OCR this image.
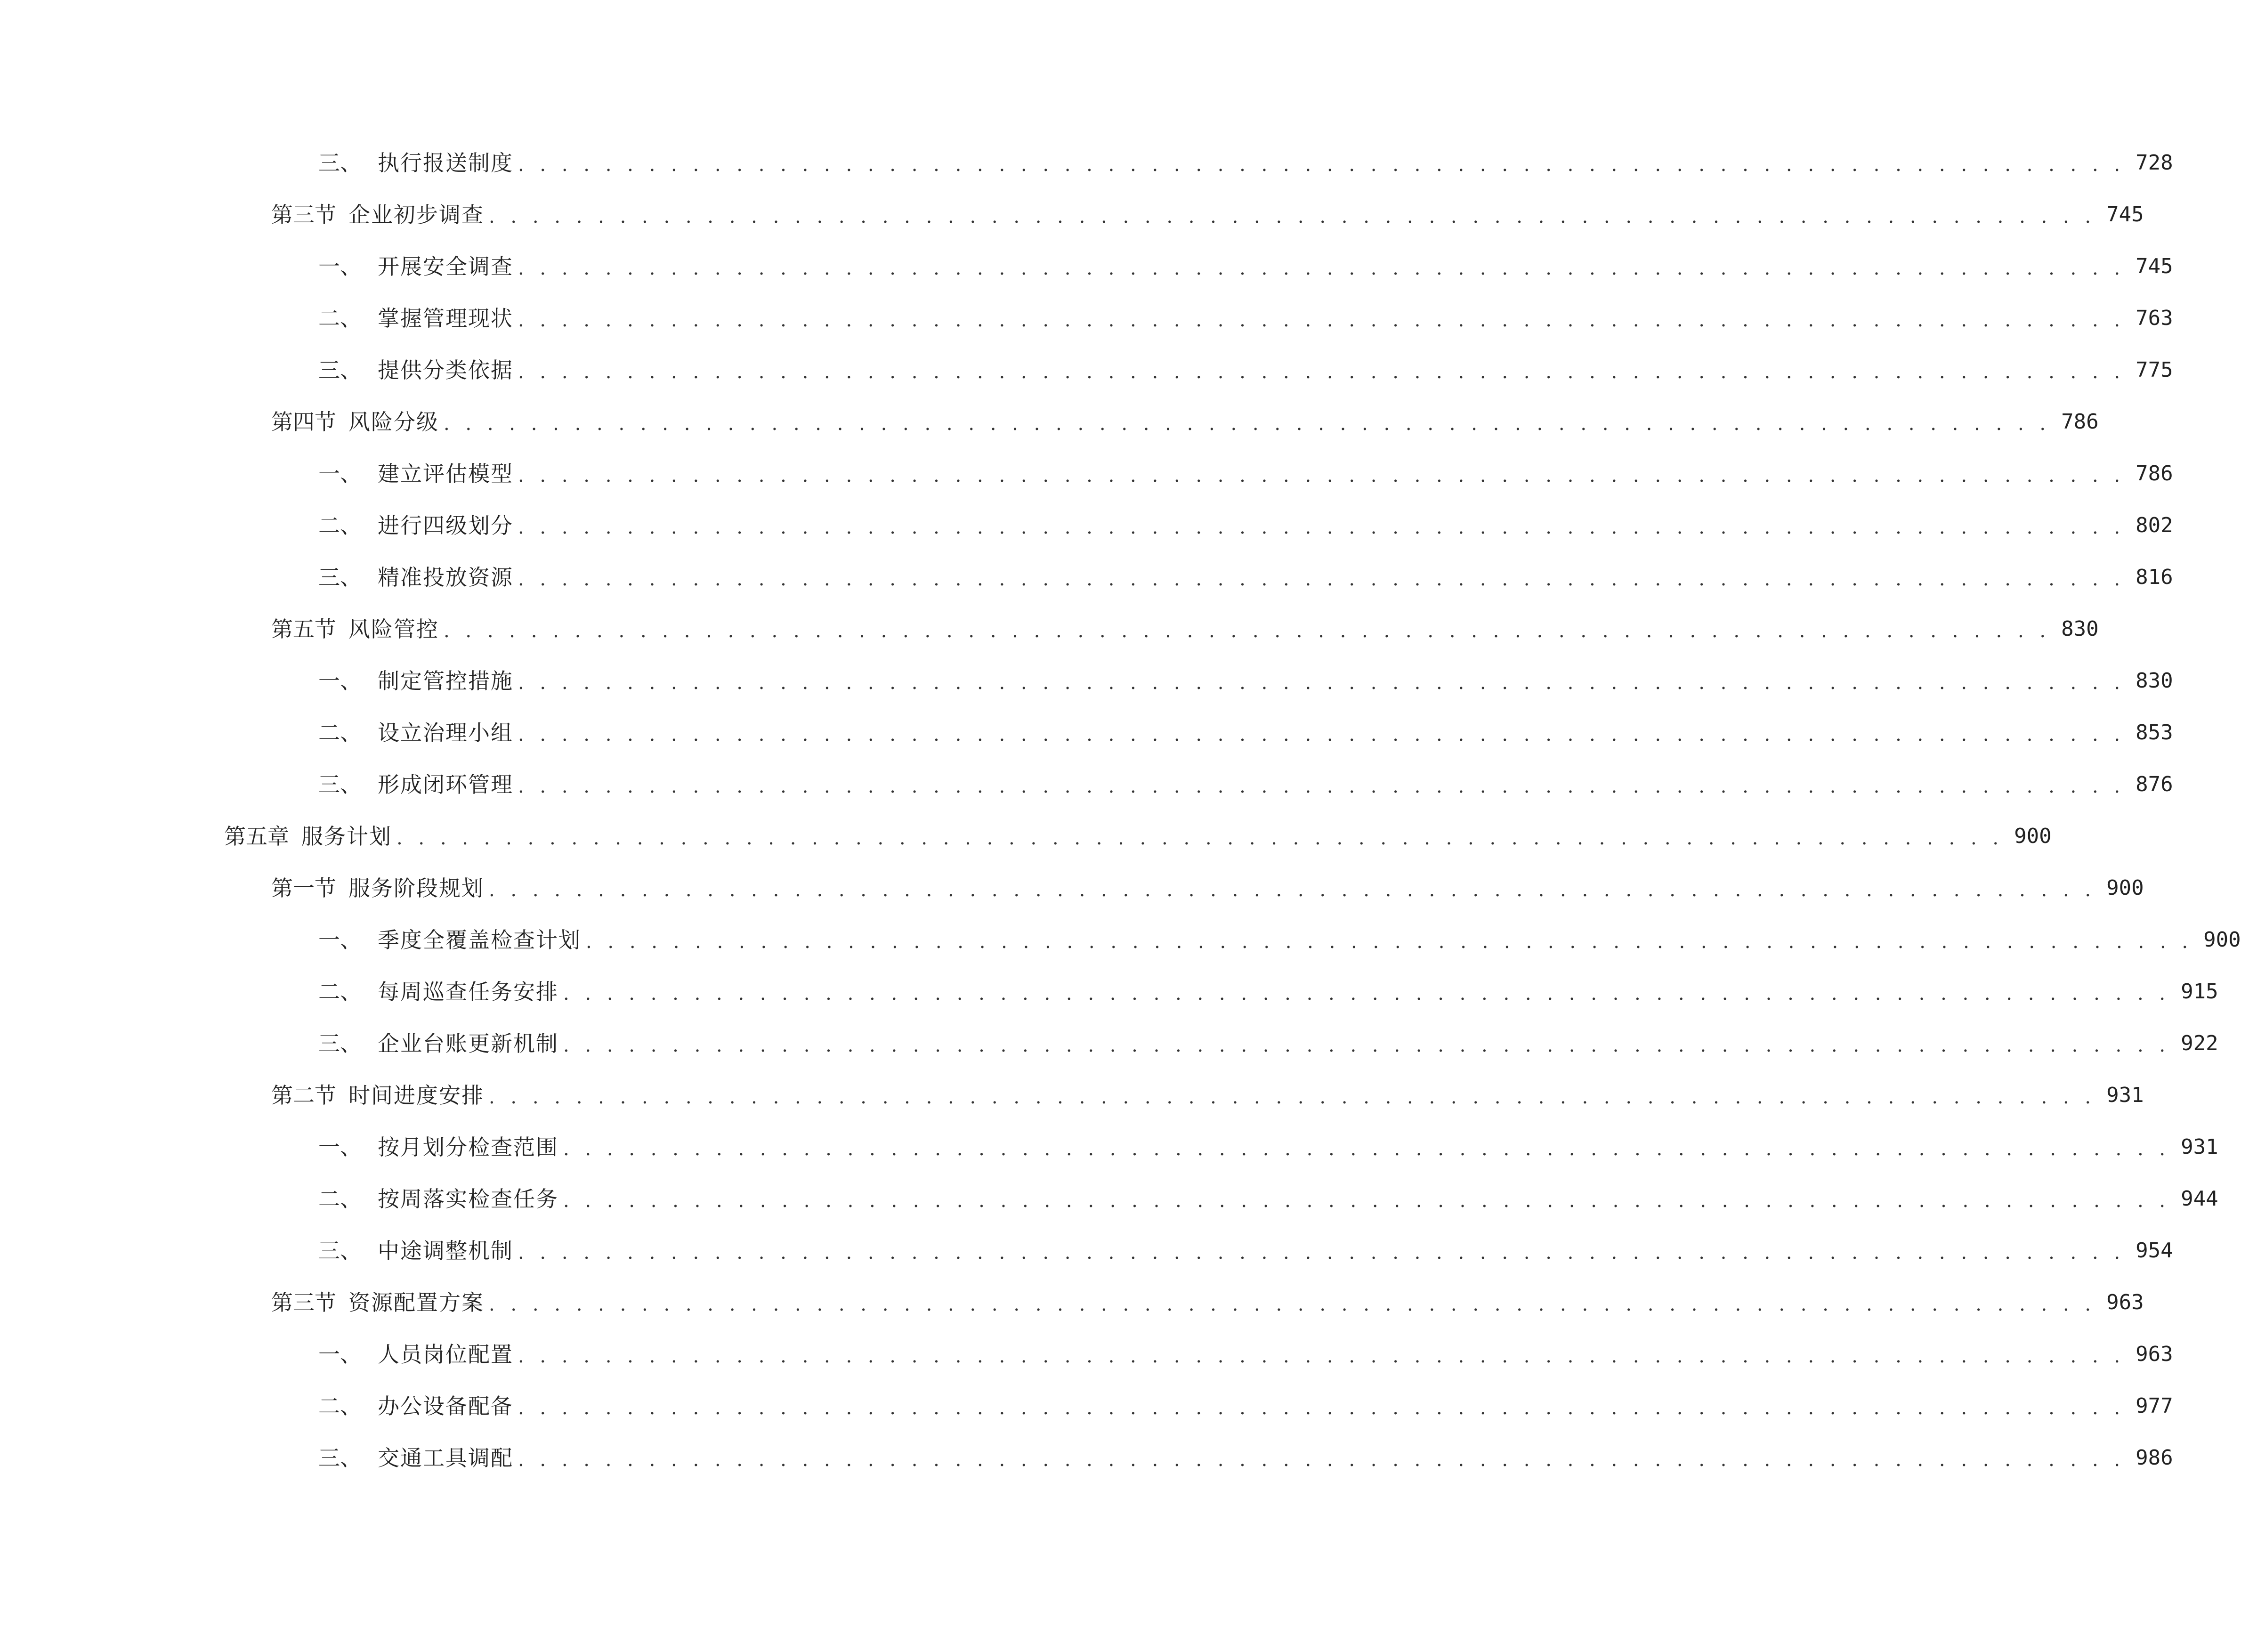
三、 执行报送制度 . . . . . . . . . . . . . . . . . . . . . . . . . . . . . . . . . . . . . . . . . . . . . . . . . . . . . . . . . . . . . . . . . . . . . . . . . . 728
第三节 企业初步调查 . . . . . . . . . . . . . . . . . . . . . . . . . . . . . . . . . . . . . . . . . . . . . . . . . . . . . . . . . . . . . . . . . . . . . . . . . . 745
一、 开展安全调查 . . . . . . . . . . . . . . . . . . . . . . . . . . . . . . . . . . . . . . . . . . . . . . . . . . . . . . . . . . . . . . . . . . . . . . . . . . 745
二、 掌握管理现状 . . . . . . . . . . . . . . . . . . . . . . . . . . . . . . . . . . . . . . . . . . . . . . . . . . . . . . . . . . . . . . . . . . . . . . . . . . 763
三、 提供分类依据 . . . . . . . . . . . . . . . . . . . . . . . . . . . . . . . . . . . . . . . . . . . . . . . . . . . . . . . . . . . . . . . . . . . . . . . . . . 775
第四节 风险分级 . . . . . . . . . . . . . . . . . . . . . . . . . . . . . . . . . . . . . . . . . . . . . . . . . . . . . . . . . . . . . . . . . . . . . . . . . . 786
一、 建立评估模型 . . . . . . . . . . . . . . . . . . . . . . . . . . . . . . . . . . . . . . . . . . . . . . . . . . . . . . . . . . . . . . . . . . . . . . . . . . 786
二、 进行四级划分 . . . . . . . . . . . . . . . . . . . . . . . . . . . . . . . . . . . . . . . . . . . . . . . . . . . . . . . . . . . . . . . . . . . . . . . . . . 802
三、 精准投放资源 . . . . . . . . . . . . . . . . . . . . . . . . . . . . . . . . . . . . . . . . . . . . . . . . . . . . . . . . . . . . . . . . . . . . . . . . . . 816
第五节 风险管控 . . . . . . . . . . . . . . . . . . . . . . . . . . . . . . . . . . . . . . . . . . . . . . . . . . . . . . . . . . . . . . . . . . . . . . . . . . 830
一、 制定管控措施 . . . . . . . . . . . . . . . . . . . . . . . . . . . . . . . . . . . . . . . . . . . . . . . . . . . . . . . . . . . . . . . . . . . . . . . . . . 830
二、 设立治理小组 . . . . . . . . . . . . . . . . . . . . . . . . . . . . . . . . . . . . . . . . . . . . . . . . . . . . . . . . . . . . . . . . . . . . . . . . . . 853
三、 形成闭环管理 . . . . . . . . . . . . . . . . . . . . . . . . . . . . . . . . . . . . . . . . . . . . . . . . . . . . . . . . . . . . . . . . . . . . . . . . . . 876
第五章 服务计划 . . . . . . . . . . . . . . . . . . . . . . . . . . . . . . . . . . . . . . . . . . . . . . . . . . . . . . . . . . . . . . . . . . . . . . . . . . 900
第一节 服务阶段规划 . . . . . . . . . . . . . . . . . . . . . . . . . . . . . . . . . . . . . . . . . . . . . . . . . . . . . . . . . . . . . . . . . . . . . . . . . . 900
一、 季度全覆盖检查计划 . . . . . . . . . . . . . . . . . . . . . . . . . . . . . . . . . . . . . . . . . . . . . . . . . . . . . . . . . . . . . . . . . . . . . . . . . . 900
二、 每周巡查任务安排 . . . . . . . . . . . . . . . . . . . . . . . . . . . . . . . . . . . . . . . . . . . . . . . . . . . . . . . . . . . . . . . . . . . . . . . . . . 915
三、 企业台账更新机制 . . . . . . . . . . . . . . . . . . . . . . . . . . . . . . . . . . . . . . . . . . . . . . . . . . . . . . . . . . . . . . . . . . . . . . . . . . 922
第二节 时间进度安排 . . . . . . . . . . . . . . . . . . . . . . . . . . . . . . . . . . . . . . . . . . . . . . . . . . . . . . . . . . . . . . . . . . . . . . . . . . 931
一、 按月划分检查范围 . . . . . . . . . . . . . . . . . . . . . . . . . . . . . . . . . . . . . . . . . . . . . . . . . . . . . . . . . . . . . . . . . . . . . . . . . . 931
二、 按周落实检查任务 . . . . . . . . . . . . . . . . . . . . . . . . . . . . . . . . . . . . . . . . . . . . . . . . . . . . . . . . . . . . . . . . . . . . . . . . . . 944
三、 中途调整机制 . . . . . . . . . . . . . . . . . . . . . . . . . . . . . . . . . . . . . . . . . . . . . . . . . . . . . . . . . . . . . . . . . . . . . . . . . . 954
第三节 资源配置方案 . . . . . . . . . . . . . . . . . . . . . . . . . . . . . . . . . . . . . . . . . . . . . . . . . . . . . . . . . . . . . . . . . . . . . . . . . . 963
一、 人员岗位配置 . . . . . . . . . . . . . . . . . . . . . . . . . . . . . . . . . . . . . . . . . . . . . . . . . . . . . . . . . . . . . . . . . . . . . . . . . . 963
二、 办公设备配备 . . . . . . . . . . . . . . . . . . . . . . . . . . . . . . . . . . . . . . . . . . . . . . . . . . . . . . . . . . . . . . . . . . . . . . . . . . 977
三、 交通工具调配 . . . . . . . . . . . . . . . . . . . . . . . . . . . . . . . . . . . . . . . . . . . . . . . . . . . . . . . . . . . . . . . . . . . . . . . . . . 986
